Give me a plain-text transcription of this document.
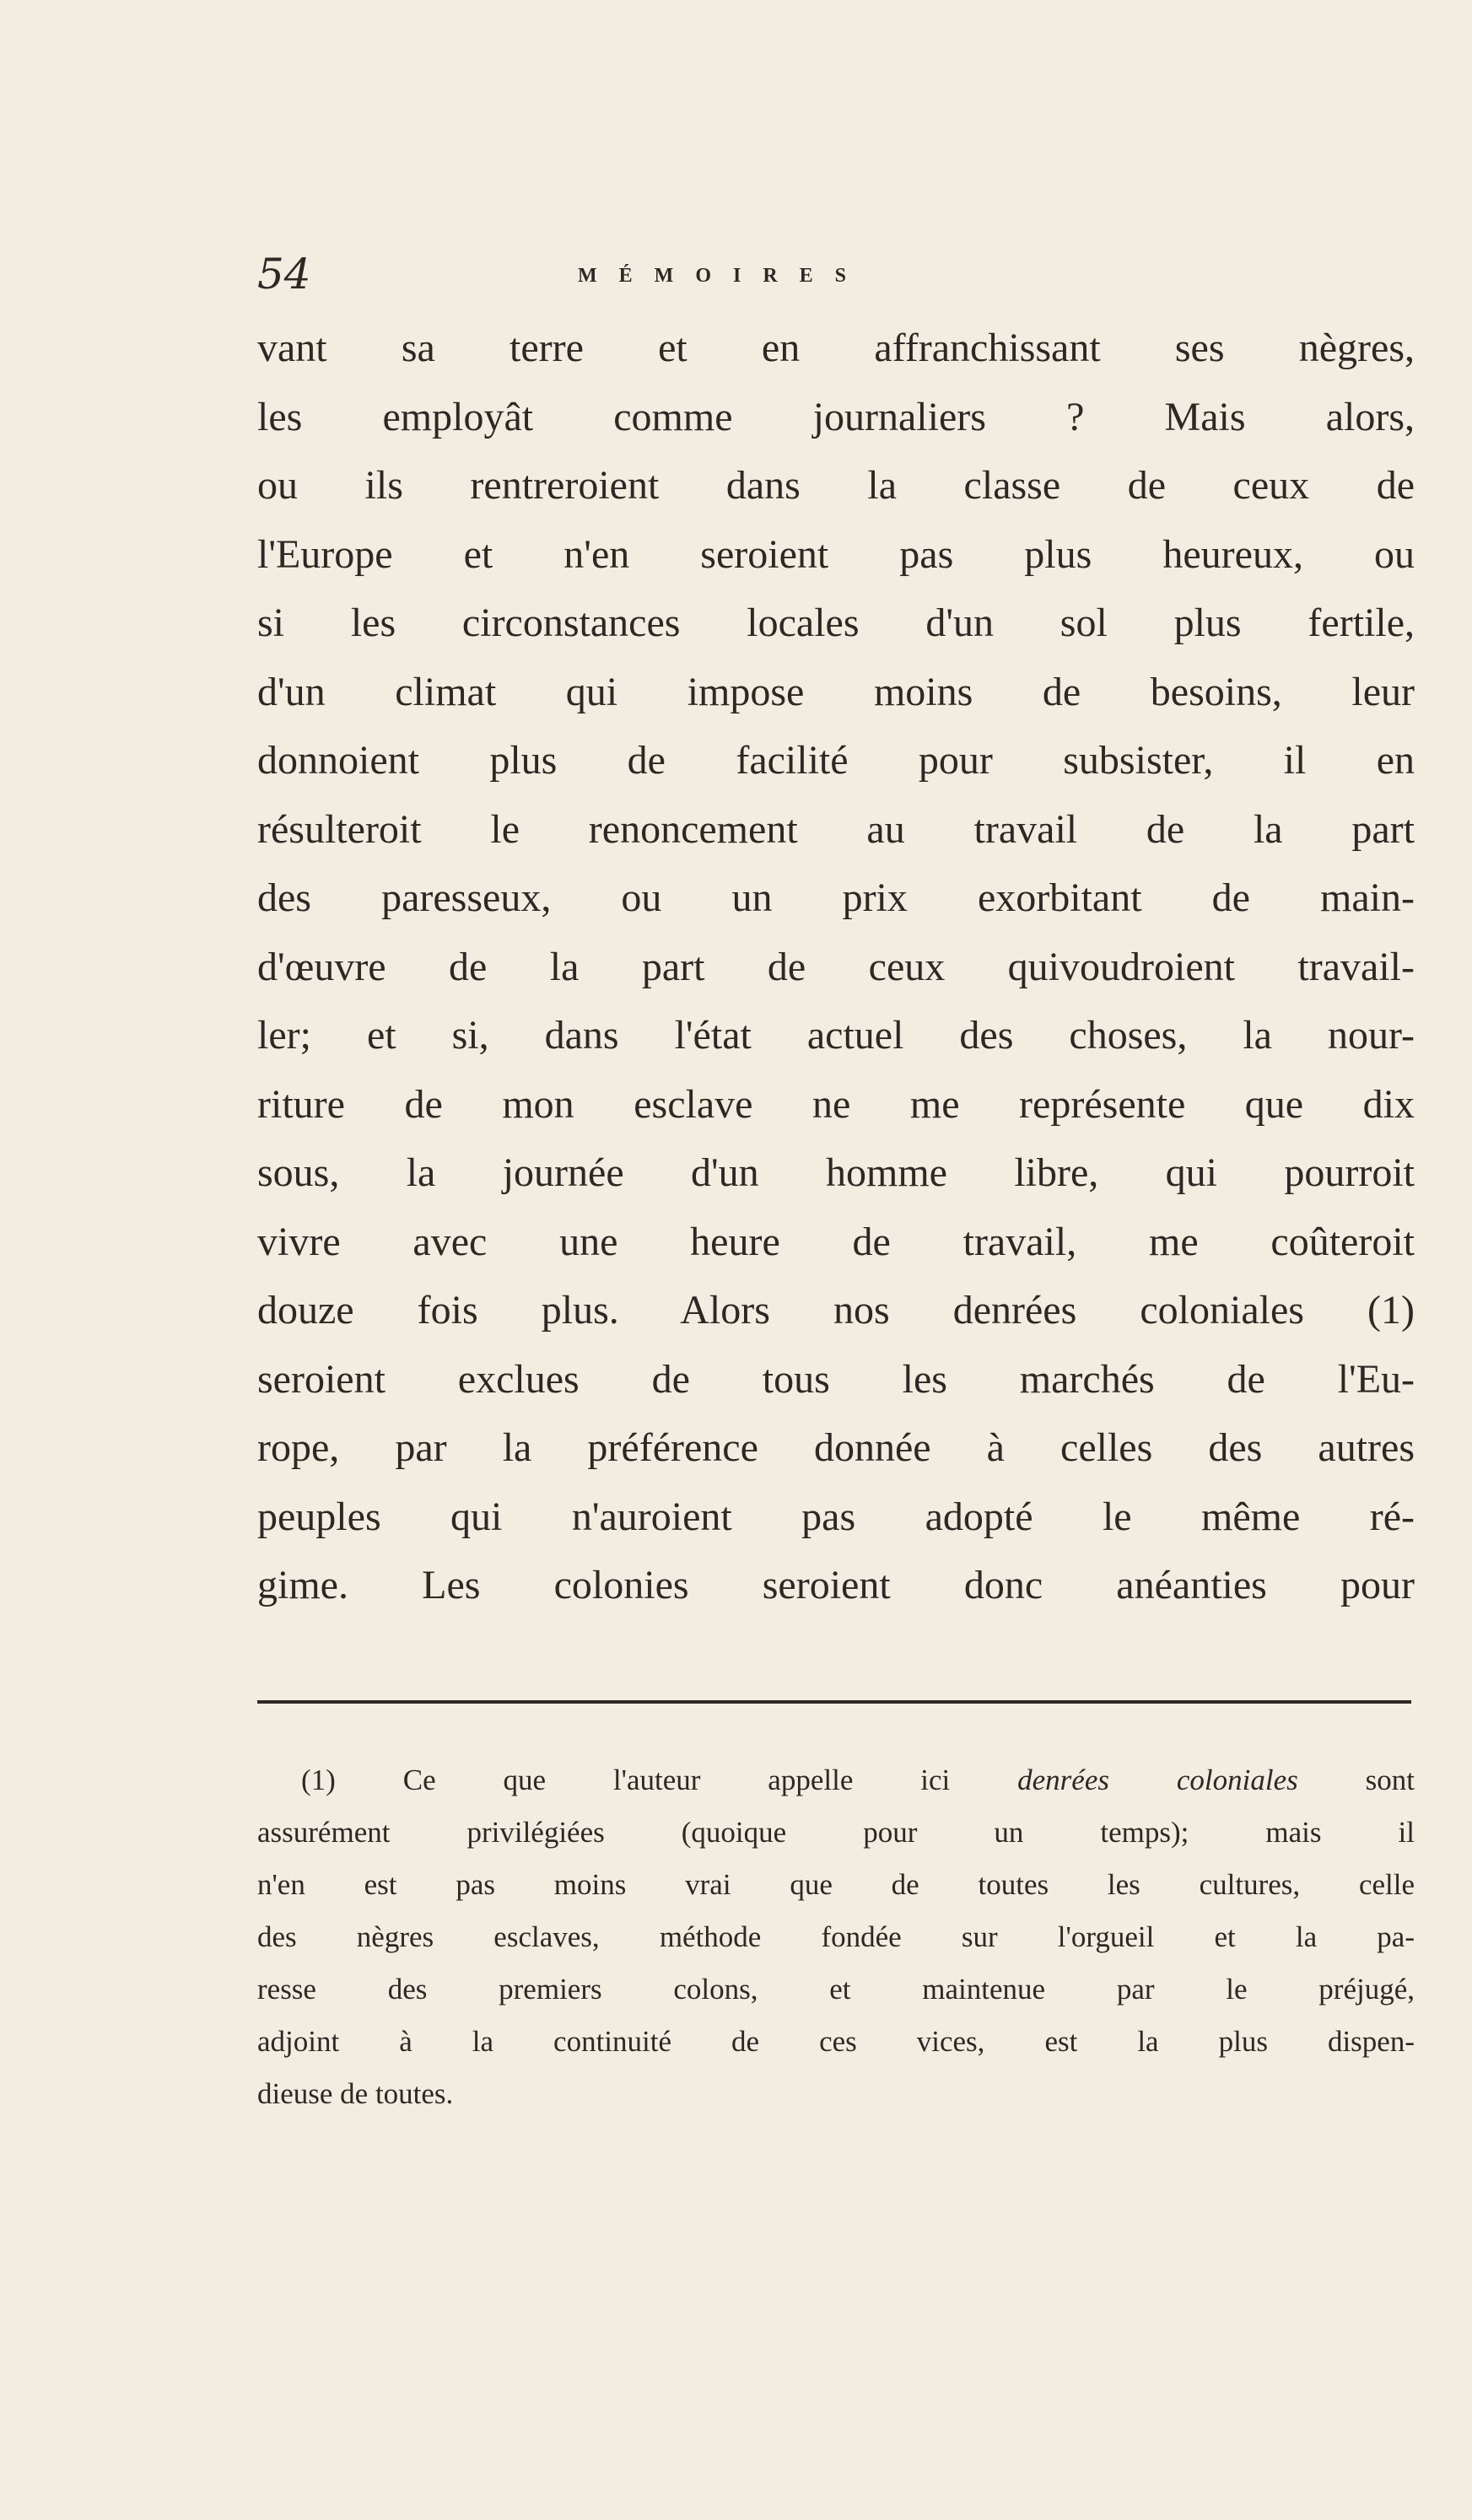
54	MÉMOIRES
vant sa terre et en affranchissant ses nègres,
les employât comme journaliers ? Mais alors,
ou ils rentreroient dans la classe de ceux de
l'Europe et n'en seroient pas plus heureux, ou
si les circonstances locales d'un sol plus fertile,
d'un climat qui impose moins de besoins, leur
donnoient plus de facilité pour subsister, il en
résulteroit le renoncement au travail de la part
des paresseux, ou un prix exorbitant de main-
d'œuvre de la part de ceux quivoudroient travail-
ler; et si, dans l'état actuel des choses, la nour-
riture de mon esclave ne me représente que dix
sous, la journée d'un homme libre, qui pourroit
vivre avec une heure de travail, me coûteroit
douze fois plus. Alors nos denrées coloniales (1)
seroient exclues de tous les marchés de l'Eu-
rope, par la préférence donnée à celles des autres
peuples qui n'auroient pas adopté le même ré-
gime. Les colonies seroient donc anéanties pour
(1) Ce que l'auteur appelle ici denrées coloniales sont
assurément privilégiées (quoique pour un temps); mais il
n'en est pas moins vrai que de toutes les cultures, celle
des nègres esclaves, méthode fondée sur l'orgueil et la pa-
resse des premiers colons, et maintenue par le préjugé,
adjoint à la continuité de ces vices, est la plus dispen-
dieuse de toutes.
